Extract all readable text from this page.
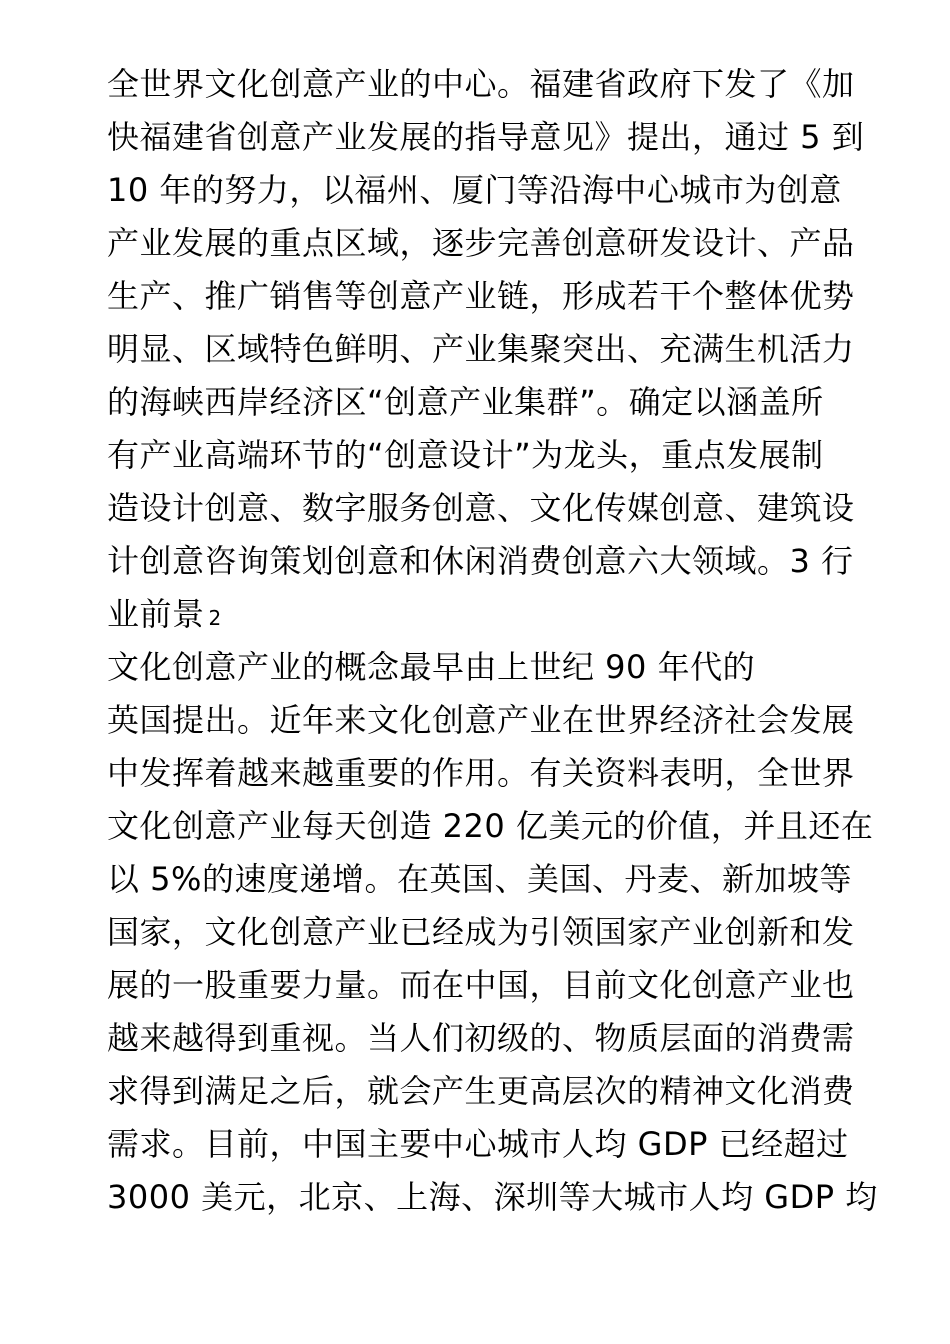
全世界文化创意产业的中心。福建省政府下发了《加
快福建省创意产业发展的指导意见》提出，通过 5 到
10 年的努力，以福州、厦门等沿海中心城市为创意
产业发展的重点区域，逐步完善创意研发设计、产品
生产、推广销售等创意产业链，形成若干个整体优势
明显、区域特色鲜明、产业集聚突出、充满生机活力
的海峡西岸经济区“创意产业集群”。确定以涵盖所
有产业高端环节的“创意设计”为龙头，重点发展制
造设计创意、数字服务创意、文化传媒创意、建筑设
计创意咨询策划创意和休闲消费创意六大领域。3 行
业前景 2
文化创意产业的概念最早由上世纪 90 年代的
英国提出。近年来文化创意产业在世界经济社会发展
中发挥着越来越重要的作用。有关资料表明，全世界
文化创意产业每天创造 220 亿美元的价值，并且还在
以 5%的速度递增。在英国、美国、丹麦、新加坡等
国家，文化创意产业已经成为引领国家产业创新和发
展的一股重要力量。而在中国，目前文化创意产业也
越来越得到重视。当人们初级的、物质层面的消费需
求得到满足之后，就会产生更高层次的精神文化消费
需求。目前，中国主要中心城市人均 GDP 已经超过
3000 美元，北京、上海、深圳等大城市人均 GDP 均
